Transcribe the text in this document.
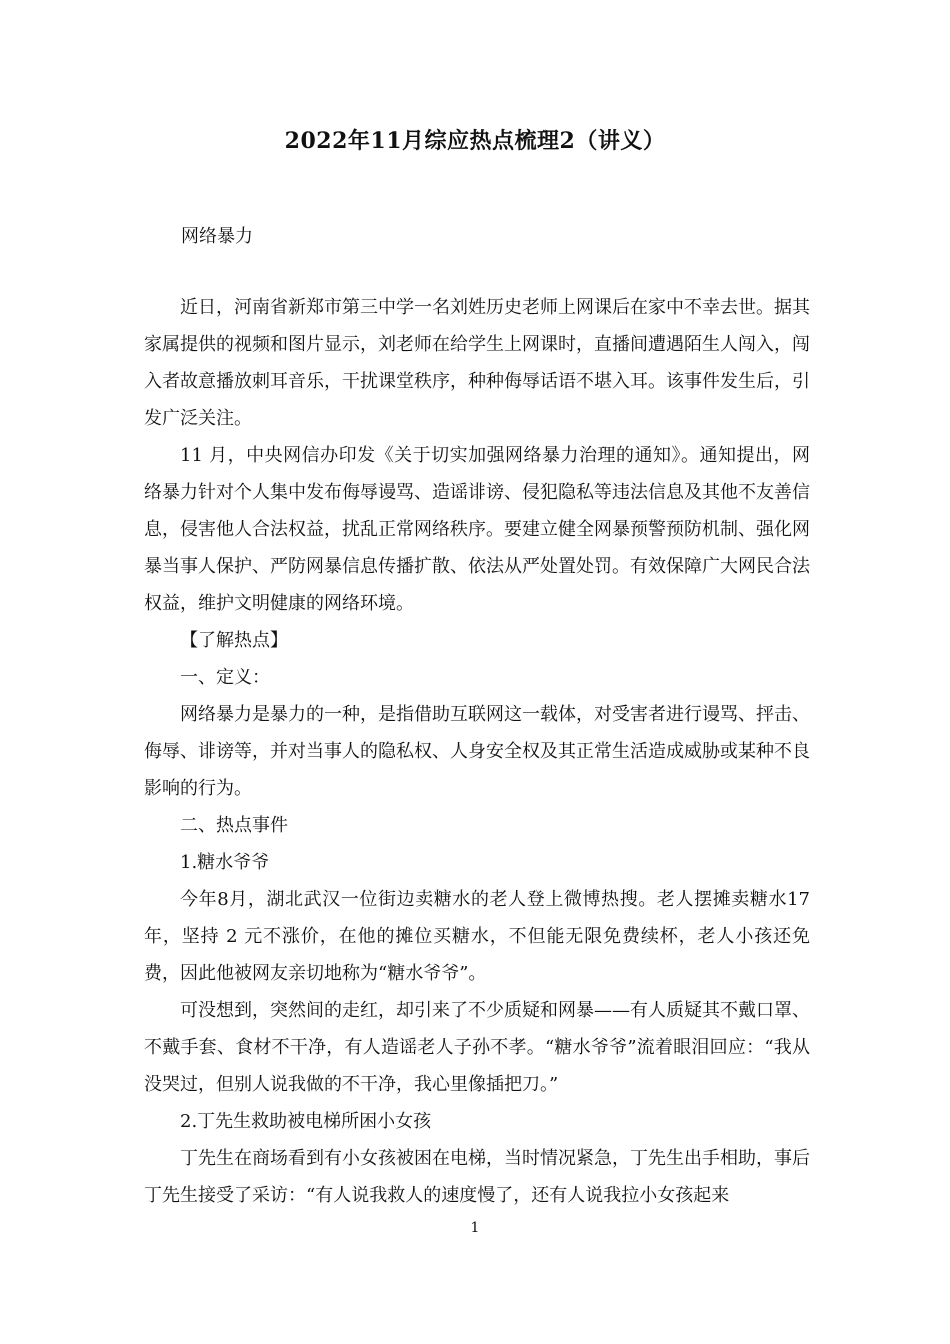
2022年11月综应热点梳理2（讲义）
网络暴力

近日，河南省新郑市第三中学一名刘姓历史老师上网课后在家中不幸去世。据其家属提供的视频和图片显示，刘老师在给学生上网课时，直播间遭遇陌生人闯入，闯入者故意播放刺耳音乐，干扰课堂秩序，种种侮辱话语不堪入耳。该事件发生后，引发广泛关注。

11 月，中央网信办印发《关于切实加强网络暴力治理的通知》。通知提出，网络暴力针对个人集中发布侮辱谩骂、造谣诽谤、侵犯隐私等违法信息及其他不友善信息，侵害他人合法权益，扰乱正常网络秩序。要建立健全网暴预警预防机制、强化网暴当事人保护、严防网暴信息传播扩散、依法从严处置处罚。有效保障广大网民合法权益，维护文明健康的网络环境。

【了解热点】

一、定义：

网络暴力是暴力的一种，是指借助互联网这一载体，对受害者进行谩骂、抨击、侮辱、诽谤等，并对当事人的隐私权、人身安全权及其正常生活造成威胁或某种不良影响的行为。

二、热点事件

1.糖水爷爷

今年8月，湖北武汉一位街边卖糖水的老人登上微博热搜。老人摆摊卖糖水17 年，坚持 2 元不涨价，在他的摊位买糖水，不但能无限免费续杯，老人小孩还免费，因此他被网友亲切地称为“糖水爷爷”。

可没想到，突然间的走红，却引来了不少质疑和网暴——有人质疑其不戴口罩、不戴手套、食材不干净，有人造谣老人子孙不孝。“糖水爷爷”流着眼泪回应：“我从没哭过，但别人说我做的不干净，我心里像插把刀。”

2.丁先生救助被电梯所困小女孩

丁先生在商场看到有小女孩被困在电梯，当时情况紧急，丁先生出手相助，事后丁先生接受了采访：“有人说我救人的速度慢了，还有人说我拉小女孩起来

1
